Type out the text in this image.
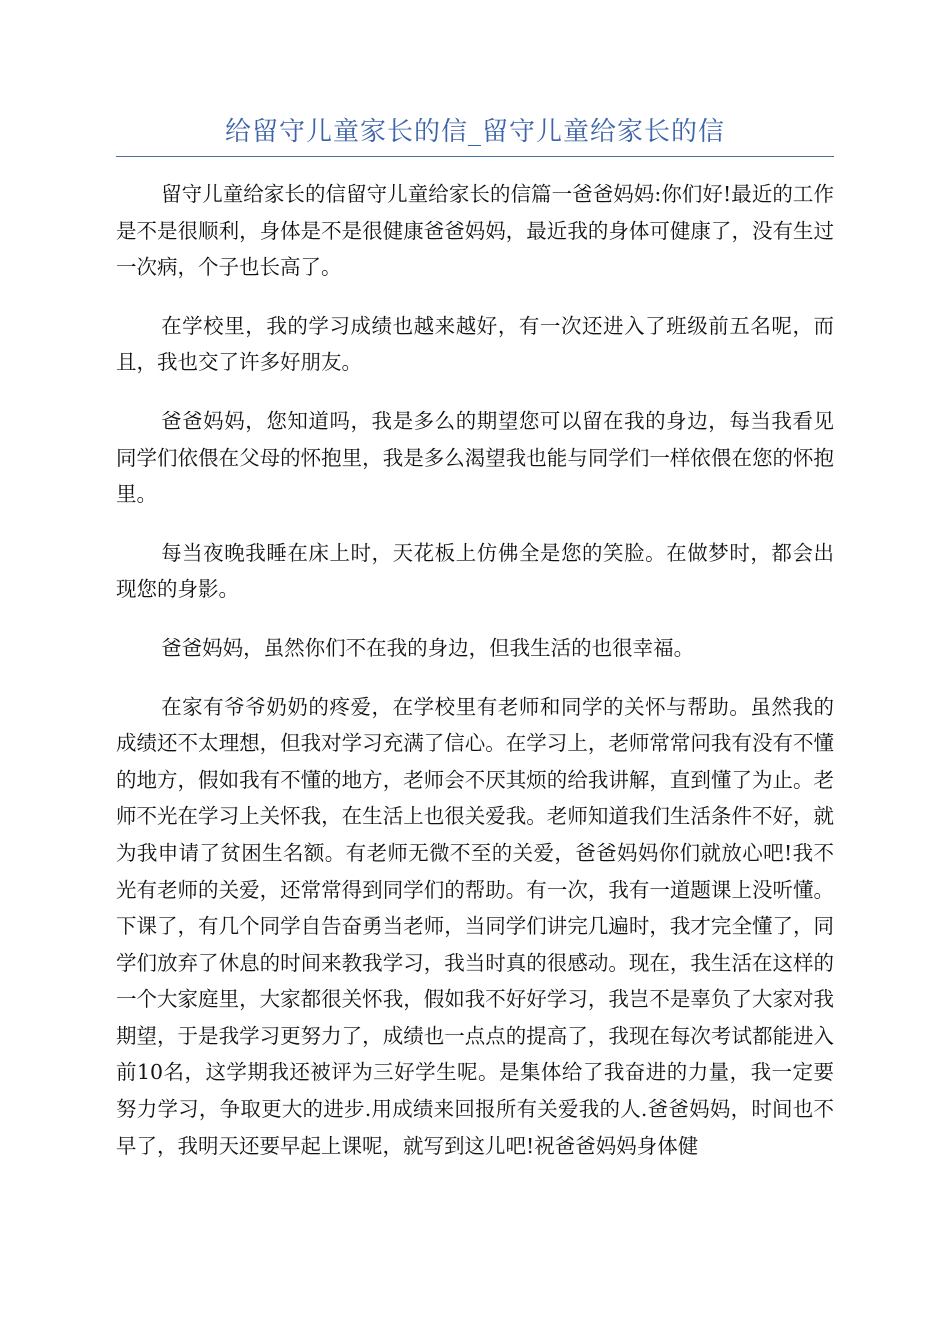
给留守儿童家长的信_留守儿童给家长的信

留守儿童给家长的信留守儿童给家长的信篇一爸爸妈妈:你们好!最近的工作是不是很顺利，身体是不是很健康爸爸妈妈，最近我的身体可健康了，没有生过一次病，个子也长高了。

在学校里，我的学习成绩也越来越好，有一次还进入了班级前五名呢，而且，我也交了许多好朋友。

爸爸妈妈，您知道吗，我是多么的期望您可以留在我的身边，每当我看见同学们依偎在父母的怀抱里，我是多么渴望我也能与同学们一样依偎在您的怀抱里。

每当夜晚我睡在床上时，天花板上仿佛全是您的笑脸。在做梦时，都会出现您的身影。

爸爸妈妈，虽然你们不在我的身边，但我生活的也很幸福。

在家有爷爷奶奶的疼爱，在学校里有老师和同学的关怀与帮助。虽然我的成绩还不太理想，但我对学习充满了信心。在学习上，老师常常问我有没有不懂的地方，假如我有不懂的地方，老师会不厌其烦的给我讲解，直到懂了为止。老师不光在学习上关怀我，在生活上也很关爱我。老师知道我们生活条件不好，就为我申请了贫困生名额。有老师无微不至的关爱，爸爸妈妈你们就放心吧!我不光有老师的关爱，还常常得到同学们的帮助。有一次，我有一道题课上没听懂。下课了，有几个同学自告奋勇当老师，当同学们讲完几遍时，我才完全懂了，同学们放弃了休息的时间来教我学习，我当时真的很感动。现在，我生活在这样的一个大家庭里，大家都很关怀我，假如我不好好学习，我岂不是辜负了大家对我期望，于是我学习更努力了，成绩也一点点的提高了，我现在每次考试都能进入前10名，这学期我还被评为三好学生呢。是集体给了我奋进的力量，我一定要努力学习，争取更大的进步.用成绩来回报所有关爱我的人.爸爸妈妈，时间也不早了，我明天还要早起上课呢，就写到这儿吧!祝爸爸妈妈身体健
